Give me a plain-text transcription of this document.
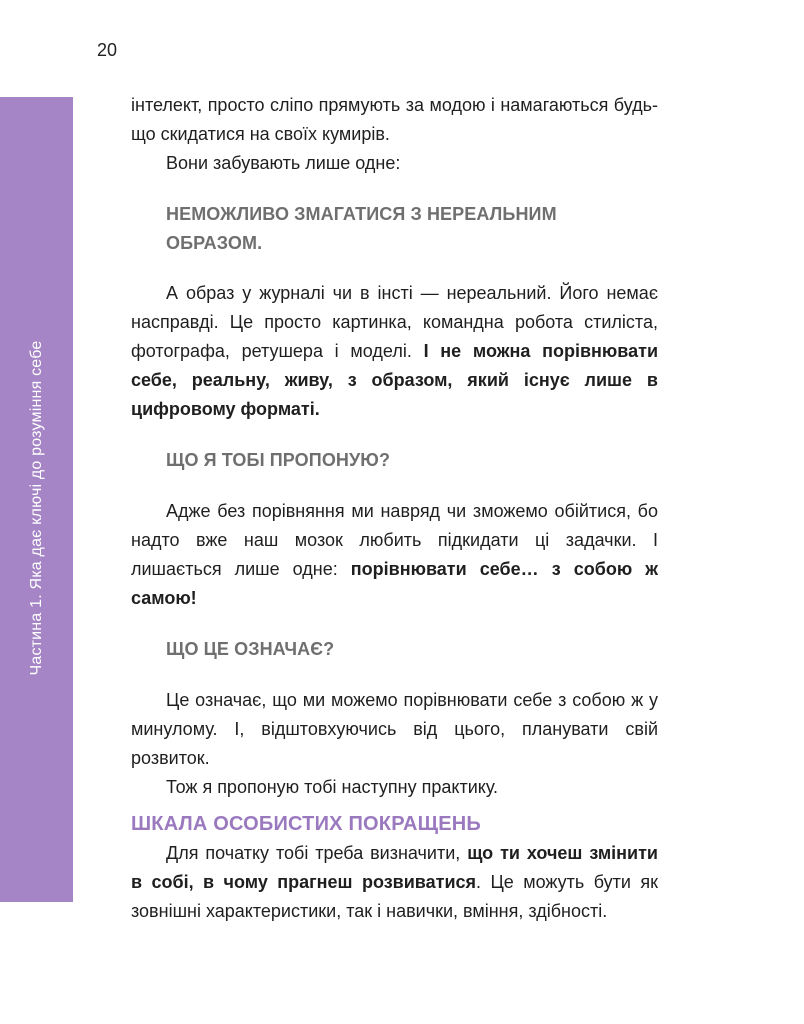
20
Частина 1. Яка дає ключі до розуміння себе

інтелект, просто сліпо прямують за модою і намагаються будь-що скидатися на своїх кумирів.

Вони забувають лише одне:

НЕМОЖЛИВО ЗМАГАТИСЯ З НЕРЕАЛЬНИМ
ОБРАЗОМ.

А образ у журналі чи в інсті — нереальний. Його немає насправді. Це просто картинка, командна робота стиліста, фотографа, ретушера і моделі. І не можна порівнювати себе, реальну, живу, з образом, який існує лише в цифровому форматі.

ЩО Я ТОБІ ПРОПОНУЮ?

Адже без порівняння ми навряд чи зможемо обійтися, бо надто вже наш мозок любить підкидати ці задачки. І лишається лише одне: порівнювати себе… з собою ж самою!

ЩО ЦЕ ОЗНАЧАЄ?

Це означає, що ми можемо порівнювати себе з собою ж у минулому. І, відштовхуючись від цього, планувати свій розвиток.

Тож я пропоную тобі наступну практику.

ШКАЛА ОСОБИСТИХ ПОКРАЩЕНЬ

Для початку тобі треба визначити, що ти хочеш змінити в собі, в чому прагнеш розвиватися. Це можуть бути як зовнішні характеристики, так і навички, вміння, здібності.
